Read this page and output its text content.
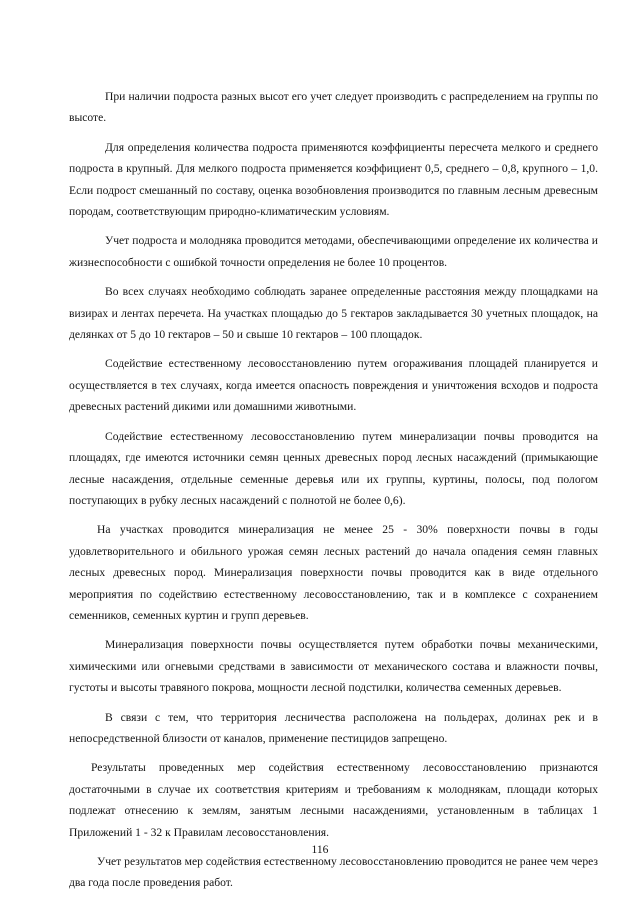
При наличии подроста разных высот его учет следует производить с распределением на группы по высоте.

Для определения количества подроста применяются коэффициенты пересчета мелкого и среднего подроста в крупный. Для мелкого подроста применяется коэффициент 0,5, среднего – 0,8, крупного – 1,0. Если подрост смешанный по составу, оценка возобновления производится по главным лесным древесным породам, соответствующим природно-климатическим условиям.

Учет подроста и молодняка проводится методами, обеспечивающими определение их количества и жизнеспособности с ошибкой точности определения не более 10 процентов.

Во всех случаях необходимо соблюдать заранее определенные расстояния между площадками на визирах и лентах перечета. На участках площадью до 5 гектаров закладывается 30 учетных площадок, на делянках от 5 до 10 гектаров – 50 и свыше 10 гектаров – 100 площадок.

Содействие естественному лесовосстановлению путем огораживания площадей планируется и осуществляется в тех случаях, когда имеется опасность повреждения и уничтожения всходов и подроста древесных растений дикими или домашними животными.

Содействие естественному лесовосстановлению путем минерализации почвы проводится на площадях, где имеются источники семян ценных древесных пород лесных насаждений (примыкающие лесные насаждения, отдельные семенные деревья или их группы, куртины, полосы, под пологом поступающих в рубку лесных насаждений с полнотой не более 0,6).

На участках проводится минерализация не менее 25 - 30% поверхности почвы в годы удовлетворительного и обильного урожая семян лесных растений до начала опадения семян главных лесных древесных пород. Минерализация поверхности почвы проводится как в виде отдельного мероприятия по содействию естественному лесовосстановлению, так и в комплексе с сохранением семенников, семенных куртин и групп деревьев.

Минерализация поверхности почвы осуществляется путем обработки почвы механическими, химическими или огневыми средствами в зависимости от механического состава и влажности почвы, густоты и высоты травяного покрова, мощности лесной подстилки, количества семенных деревьев.

В связи с тем, что территория лесничества расположена на польдерах, долинах рек и в непосредственной близости от каналов, применение пестицидов запрещено.

Результаты проведенных мер содействия естественному лесовосстановлению признаются достаточными в случае их соответствия критериям и требованиям к молоднякам, площади которых подлежат отнесению к землям, занятым лесными насаждениями, установленным в таблицах 1 Приложений 1 - 32 к Правилам лесовосстановления.

Учет результатов мер содействия естественному лесовосстановлению проводится не ранее чем через два года после проведения работ.

116
